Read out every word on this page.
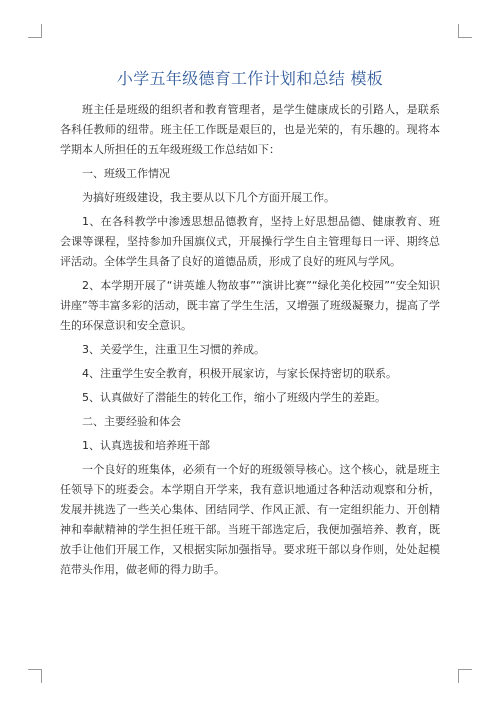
小学五年级德育工作计划和总结 模板

班主任是班级的组织者和教育管理者，是学生健康成长的引路人，是联系各科任教师的纽带。班主任工作既是艰巨的，也是光荣的，有乐趣的。现将本学期本人所担任的五年级班级工作总结如下：

一、班级工作情况

为搞好班级建设，我主要从以下几个方面开展工作。

1、在各科教学中渗透思想品德教育，坚持上好思想品德、健康教育、班会课等课程，坚持参加升国旗仪式，开展操行学生自主管理每日一评、期终总评活动。全体学生具备了良好的道德品质，形成了良好的班风与学风。

2、本学期开展了“讲英雄人物故事”“演讲比赛”“绿化美化校园”“安全知识讲座”等丰富多彩的活动，既丰富了学生生活，又增强了班级凝聚力，提高了学生的环保意识和安全意识。

3、关爱学生，注重卫生习惯的养成。

4、注重学生安全教育，积极开展家访，与家长保持密切的联系。

5、认真做好了潜能生的转化工作，缩小了班级内学生的差距。

二、主要经验和体会

1、认真选拔和培养班干部

一个良好的班集体，必须有一个好的班级领导核心。这个核心，就是班主任领导下的班委会。本学期自开学来，我有意识地通过各种活动观察和分析，发展并挑选了一些关心集体、团结同学、作风正派、有一定组织能力、开创精神和奉献精神的学生担任班干部。当班干部选定后，我便加强培养、教育，既放手让他们开展工作，又根据实际加强指导。要求班干部以身作则，处处起模范带头作用，做老师的得力助手。
